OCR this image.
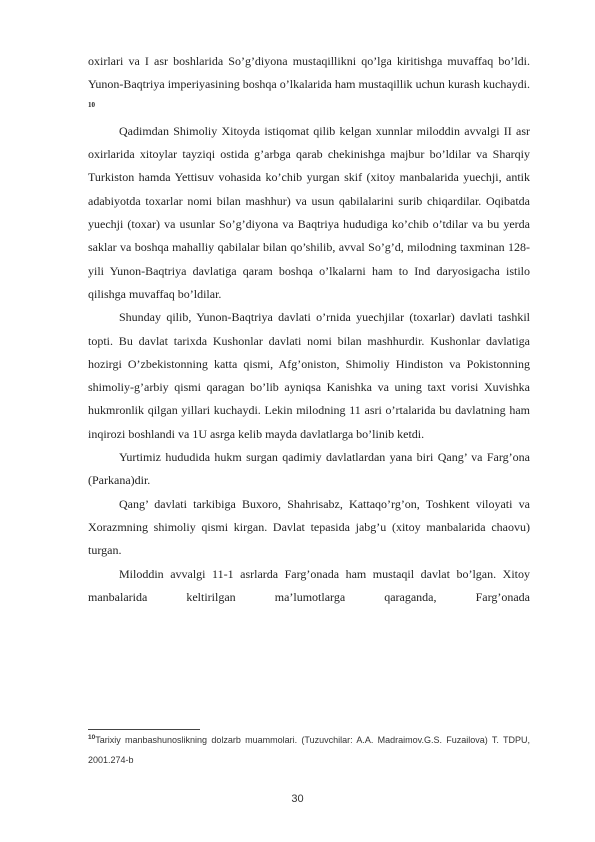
oxirlari va I asr boshlarida So’g’diyona mustaqillikni qo’lga kiritishga muvaffaq bo’ldi. Yunon-Baqtriya imperiyasining boshqa o’lkalarida ham mustaqillik uchun kurash kuchaydi. $^{10}$

Qadimdan Shimoliy Xitoyda istiqomat qilib kelgan xunnlar miloddin avvalgi II asr oxirlarida xitoylar tayziqi ostida g’arbga qarab chekinishga majbur bo’ldilar va Sharqiy Turkiston hamda Yettisuv vohasida ko’chib yurgan skif (xitoy manbalarida yuechji, antik adabiyotda toxarlar nomi bilan mashhur) va usun qabilalarini surib chiqardilar. Oqibatda yuechji (toxar) va usunlar So’g’diyona va Baqtriya hududiga ko’chib o’tdilar va bu yerda saklar va boshqa mahalliy qabilalar bilan qo’shilib, avval So’g’d, milodning taxminan 128-yili Yunon-Baqtriya davlatiga qaram boshqa o’lkalarni ham to Ind daryosigacha istilo qilishga muvaffaq bo’ldilar.

Shunday qilib, Yunon-Baqtriya davlati o’rnida yuechjilar (toxarlar) davlati tashkil topti. Bu davlat tarixda Kushonlar davlati nomi bilan mashhurdir. Kushonlar davlatiga hozirgi O’zbekistonning katta qismi, Afg’oniston, Shimoliy Hindiston va Pokistonning shimoliy-g’arbiy qismi qaragan bo’lib ayniqsa Kanishka va uning taxt vorisi Xuvishka hukmronlik qilgan yillari kuchaydi. Lekin milodning 11 asri o’rtalarida bu davlatning ham inqirozi boshlandi va 1U asrga kelib mayda davlatlarga bo’linib ketdi.

Yurtimiz hududida hukm surgan qadimiy davlatlardan yana biri Qang’ va Farg’ona (Parkana)dir.

Qang’ davlati tarkibiga Buxoro, Shahrisabz, Kattaqo’rg’on, Toshkent viloyati va Xorazmning shimoliy qismi kirgan. Davlat tepasida jabg’u (xitoy manbalarida chaovu) turgan.

Miloddin avvalgi 11-1 asrlarda Farg’onada ham mustaqil davlat bo’lgan. Xitoy manbalarida keltirilgan ma’lumotlarga qaraganda, Farg’onada

$^{10}$Tarixiy manbashunoslikning dolzarb muammolari. (Tuzuvchilar: A.A. Madraimov.G.S. Fuzailova) T. TDPU, 2001.274-b
30
